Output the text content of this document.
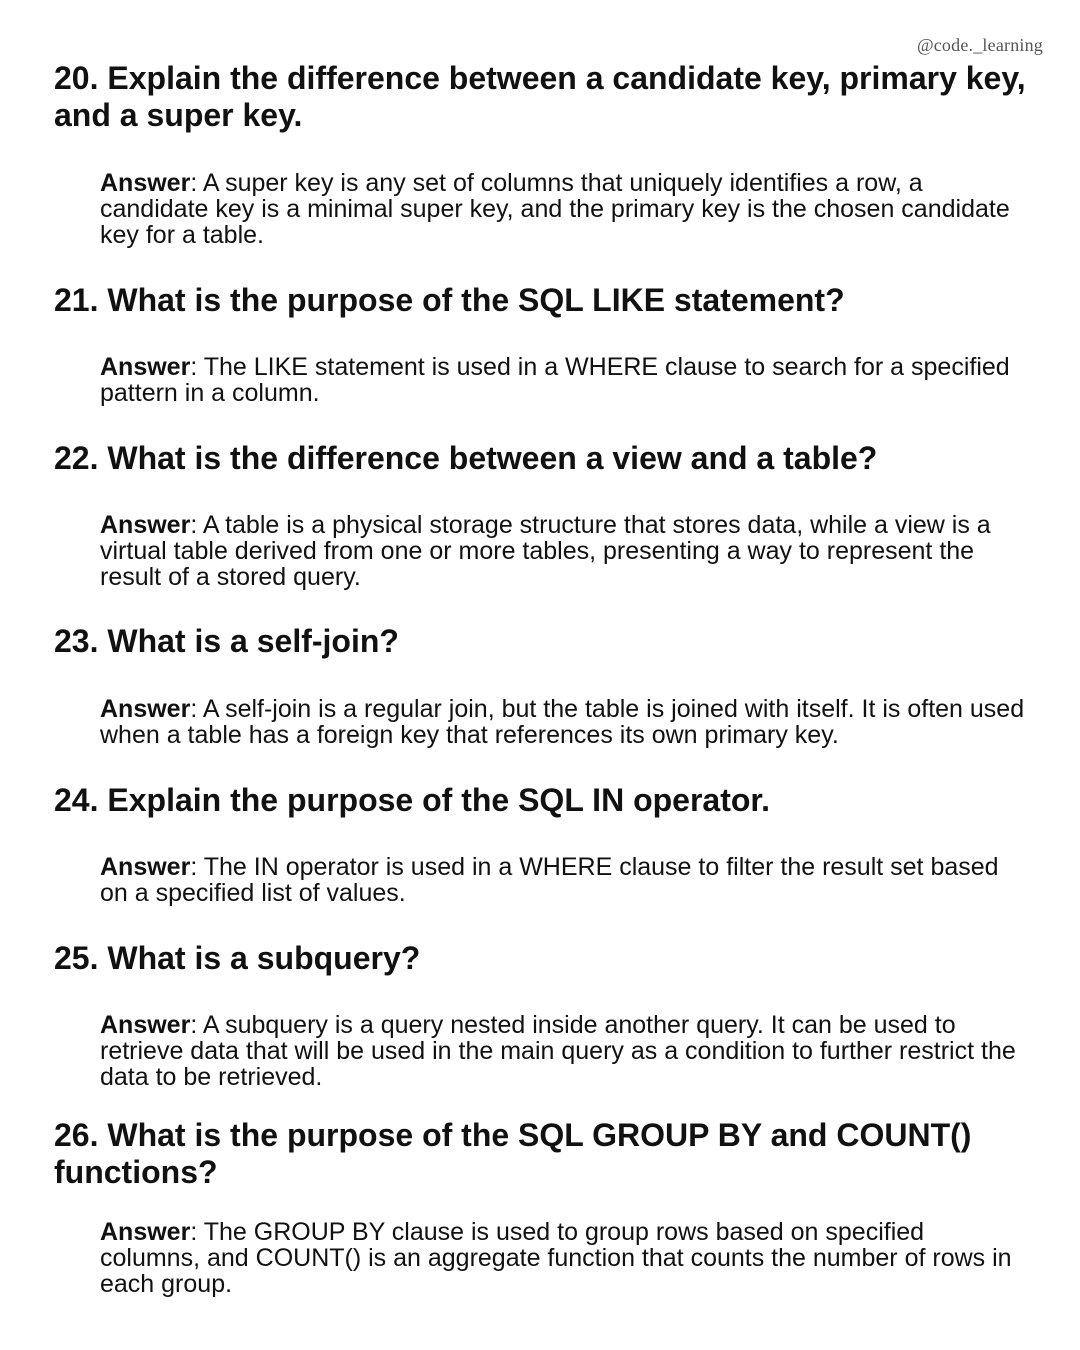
@code._learning
20. Explain the difference between a candidate key, primary key, and a super key.

Answer: A super key is any set of columns that uniquely identifies a row, a candidate key is a minimal super key, and the primary key is the chosen candidate key for a table.

21. What is the purpose of the SQL LIKE statement?

Answer: The LIKE statement is used in a WHERE clause to search for a specified pattern in a column.

22. What is the difference between a view and a table?

Answer: A table is a physical storage structure that stores data, while a view is a virtual table derived from one or more tables, presenting a way to represent the result of a stored query.

23. What is a self-join?

Answer: A self-join is a regular join, but the table is joined with itself. It is often used when a table has a foreign key that references its own primary key.

24. Explain the purpose of the SQL IN operator.

Answer: The IN operator is used in a WHERE clause to filter the result set based on a specified list of values.

25. What is a subquery?

Answer: A subquery is a query nested inside another query. It can be used to retrieve data that will be used in the main query as a condition to further restrict the data to be retrieved.

26. What is the purpose of the SQL GROUP BY and COUNT() functions?

Answer: The GROUP BY clause is used to group rows based on specified columns, and COUNT() is an aggregate function that counts the number of rows in each group.
